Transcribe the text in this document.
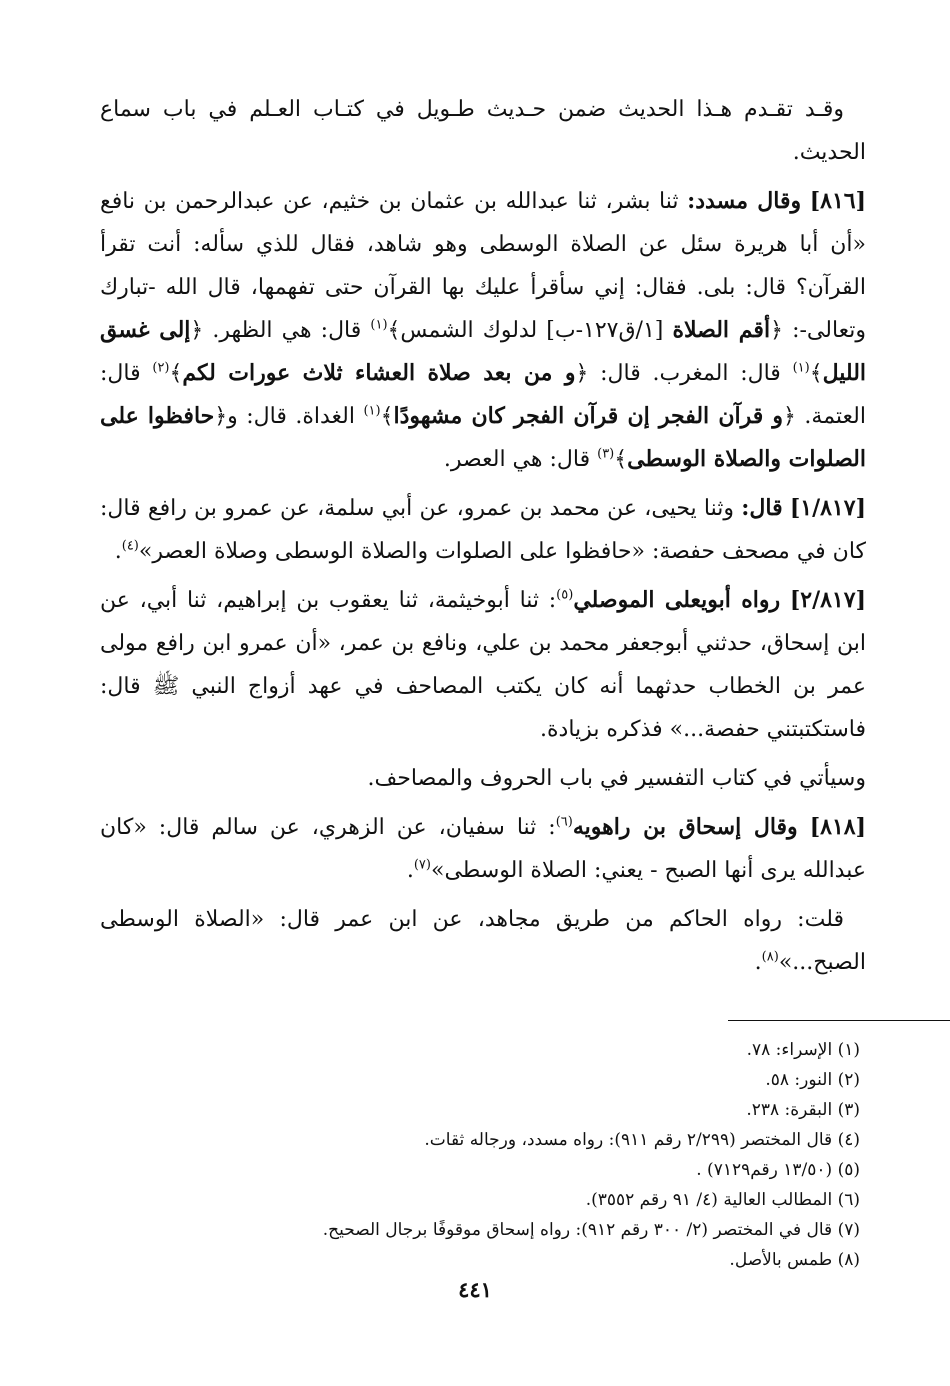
وقـد تقـدم هـذا الحديث ضمن حـديث طـويل في كتـاب العـلم في باب سماع الحديث.

[٨١٦] وقال مسدد: ثنا بشر، ثنا عبدالله بن عثمان بن خثيم، عن عبدالرحمن بن نافع «أن أبا هريرة سئل عن الصلاة الوسطى وهو شاهد، فقال للذي سأله: أنت تقرأ القرآن؟ قال: بلى. فقال: إني سأقرأ عليك بها القرآن حتى تفهمها، قال الله -تبارك وتعالى-: ﴿أقم الصلاة [١/ق١٢٧-ب] لدلوك الشمس﴾$^{(١)}$ قال: هي الظهر. ﴿إلى غسق الليل﴾$^{(١)}$ قال: المغرب. قال: ﴿و من بعد صلاة العشاء ثلاث عورات لكم﴾$^{(٢)}$ قال: العتمة. ﴿و قرآن الفجر إن قرآن الفجر كان مشهودًا﴾$^{(١)}$ الغداة. قال: و﴿حافظوا على الصلوات والصلاة الوسطى﴾$^{(٣)}$ قال: هي العصر.

[١/٨١٧] قال: وثنا يحيى، عن محمد بن عمرو، عن أبي سلمة، عن عمرو بن رافع قال: كان في مصحف حفصة: «حافظوا على الصلوات والصلاة الوسطى وصلاة العصر»$^{(٤)}$.

[٢/٨١٧] رواه أبويعلى الموصلي$^{(٥)}$: ثنا أبوخيثمة، ثنا يعقوب بن إبراهيم، ثنا أبي، عن ابن إسحاق، حدثني أبوجعفر محمد بن علي، ونافع بن عمر، «أن عمرو ابن رافع مولى عمر بن الخطاب حدثهما أنه كان يكتب المصاحف في عهد أزواج النبي ﷺ قال: فاستكتبتني حفصة...» فذكره بزيادة.

وسيأتي في كتاب التفسير في باب الحروف والمصاحف.

[٨١٨] وقال إسحاق بن راهويه$^{(٦)}$: ثنا سفيان، عن الزهري، عن سالم قال: «كان عبدالله يرى أنها الصبح - يعني: الصلاة الوسطى»$^{(٧)}$.

قلت: رواه الحاكم من طريق مجاهد، عن ابن عمر قال: «الصلاة الوسطى الصبح...»$^{(٨)}$.

(١) الإسراء: ٧٨.
(٢) النور: ٥٨.
(٣) البقرة: ٢٣٨.
(٤) قال المختصر (٢/٢٩٩ رقم ٩١١): رواه مسدد، ورجاله ثقات.
(٥) (١٣/٥٠ رقم٧١٢٩) .
(٦) المطالب العالية (٤/ ٩١ رقم ٣٥٥٢).
(٧) قال في المختصر (٢/ ٣٠٠ رقم ٩١٢): رواه إسحاق موقوفًا برجال الصحيح.
(٨) طمس بالأصل.
٤٤١
